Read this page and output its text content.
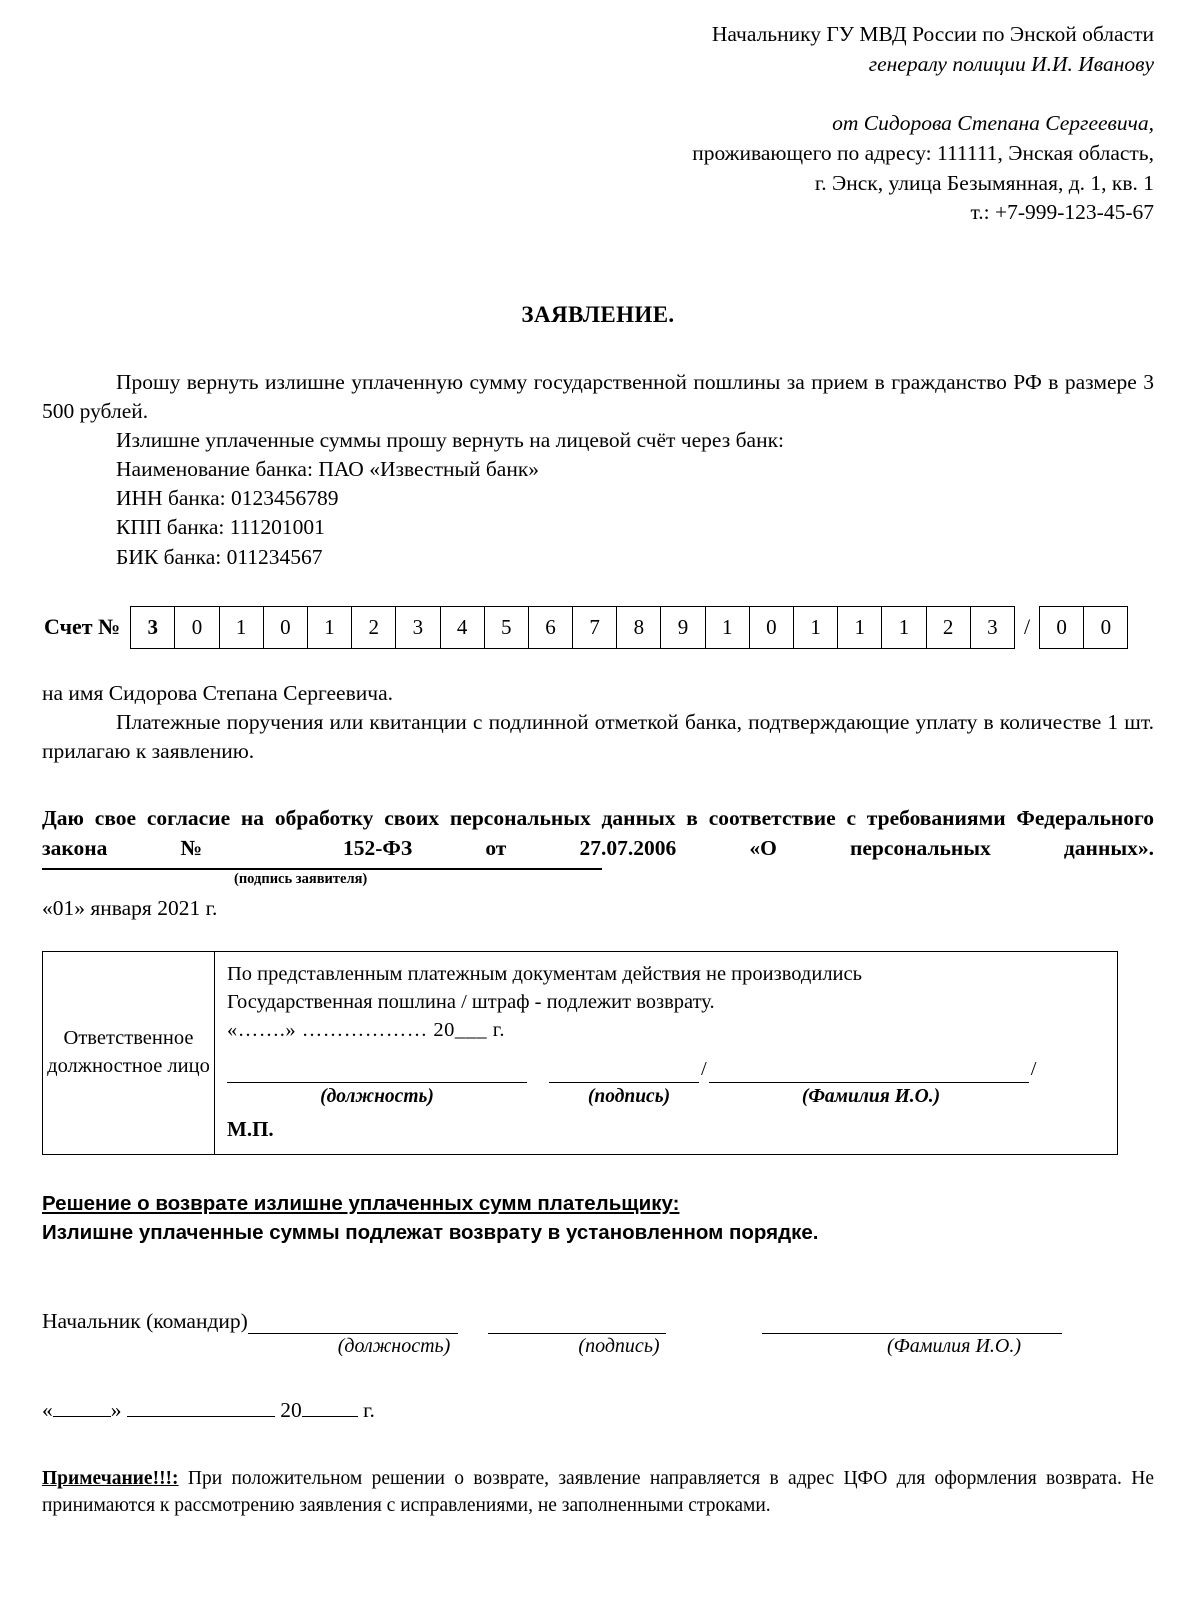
Начальнику ГУ МВД России по Энской области
генералу полиции И.И. Иванову
от Сидорова Степана Сергеевича,
проживающего по адресу: 111111, Энская область,
г. Энск, улица Безымянная, д. 1, кв. 1
т.: +7-999-123-45-67
ЗАЯВЛЕНИЕ.
Прошу вернуть излишне уплаченную сумму государственной пошлины за прием в гражданство РФ в размере 3 500 рублей.
Излишне уплаченные суммы прошу вернуть на лицевой счёт через банк:
Наименование банка: ПАО «Известный банк»
ИНН банка: 0123456789
КПП банка: 111201001
БИК банка: 011234567
Счет №	3	0	1	0	1	2	3	4	5	6	7	8	9	1	0	1	1	1	2	3	/	0	0
на имя Сидорова Степана Сергеевича.
Платежные поручения или квитанции с подлинной отметкой банка, подтверждающие уплату в количестве 1 шт. прилагаю к заявлению.
Даю свое согласие на обработку своих персональных данных в соответствие с требованиями Федерального закона № 152-ФЗ от 27.07.2006 «О персональных данных».
(подпись заявителя)
«01» января 2021 г.
Ответственное должностное лицо
По представленным платежным документам действия не производились
Государственная пошлина / штраф - подлежит возврату.
«…….» ……………… 20___ г.
/	/
(должность)	(подпись)	(Фамилия И.О.)
М.П.
Решение о возврате излишне уплаченных сумм плательщику:
Излишне уплаченные суммы подлежат возврату в установленном порядке.
Начальник (командир)
(должность)	(подпись)	(Фамилия И.О.)
«	»	20	г.
Примечание!!!: При положительном решении о возврате, заявление направляется в адрес ЦФО для оформления возврата. Не принимаются к рассмотрению заявления с исправлениями, не заполненными строками.
